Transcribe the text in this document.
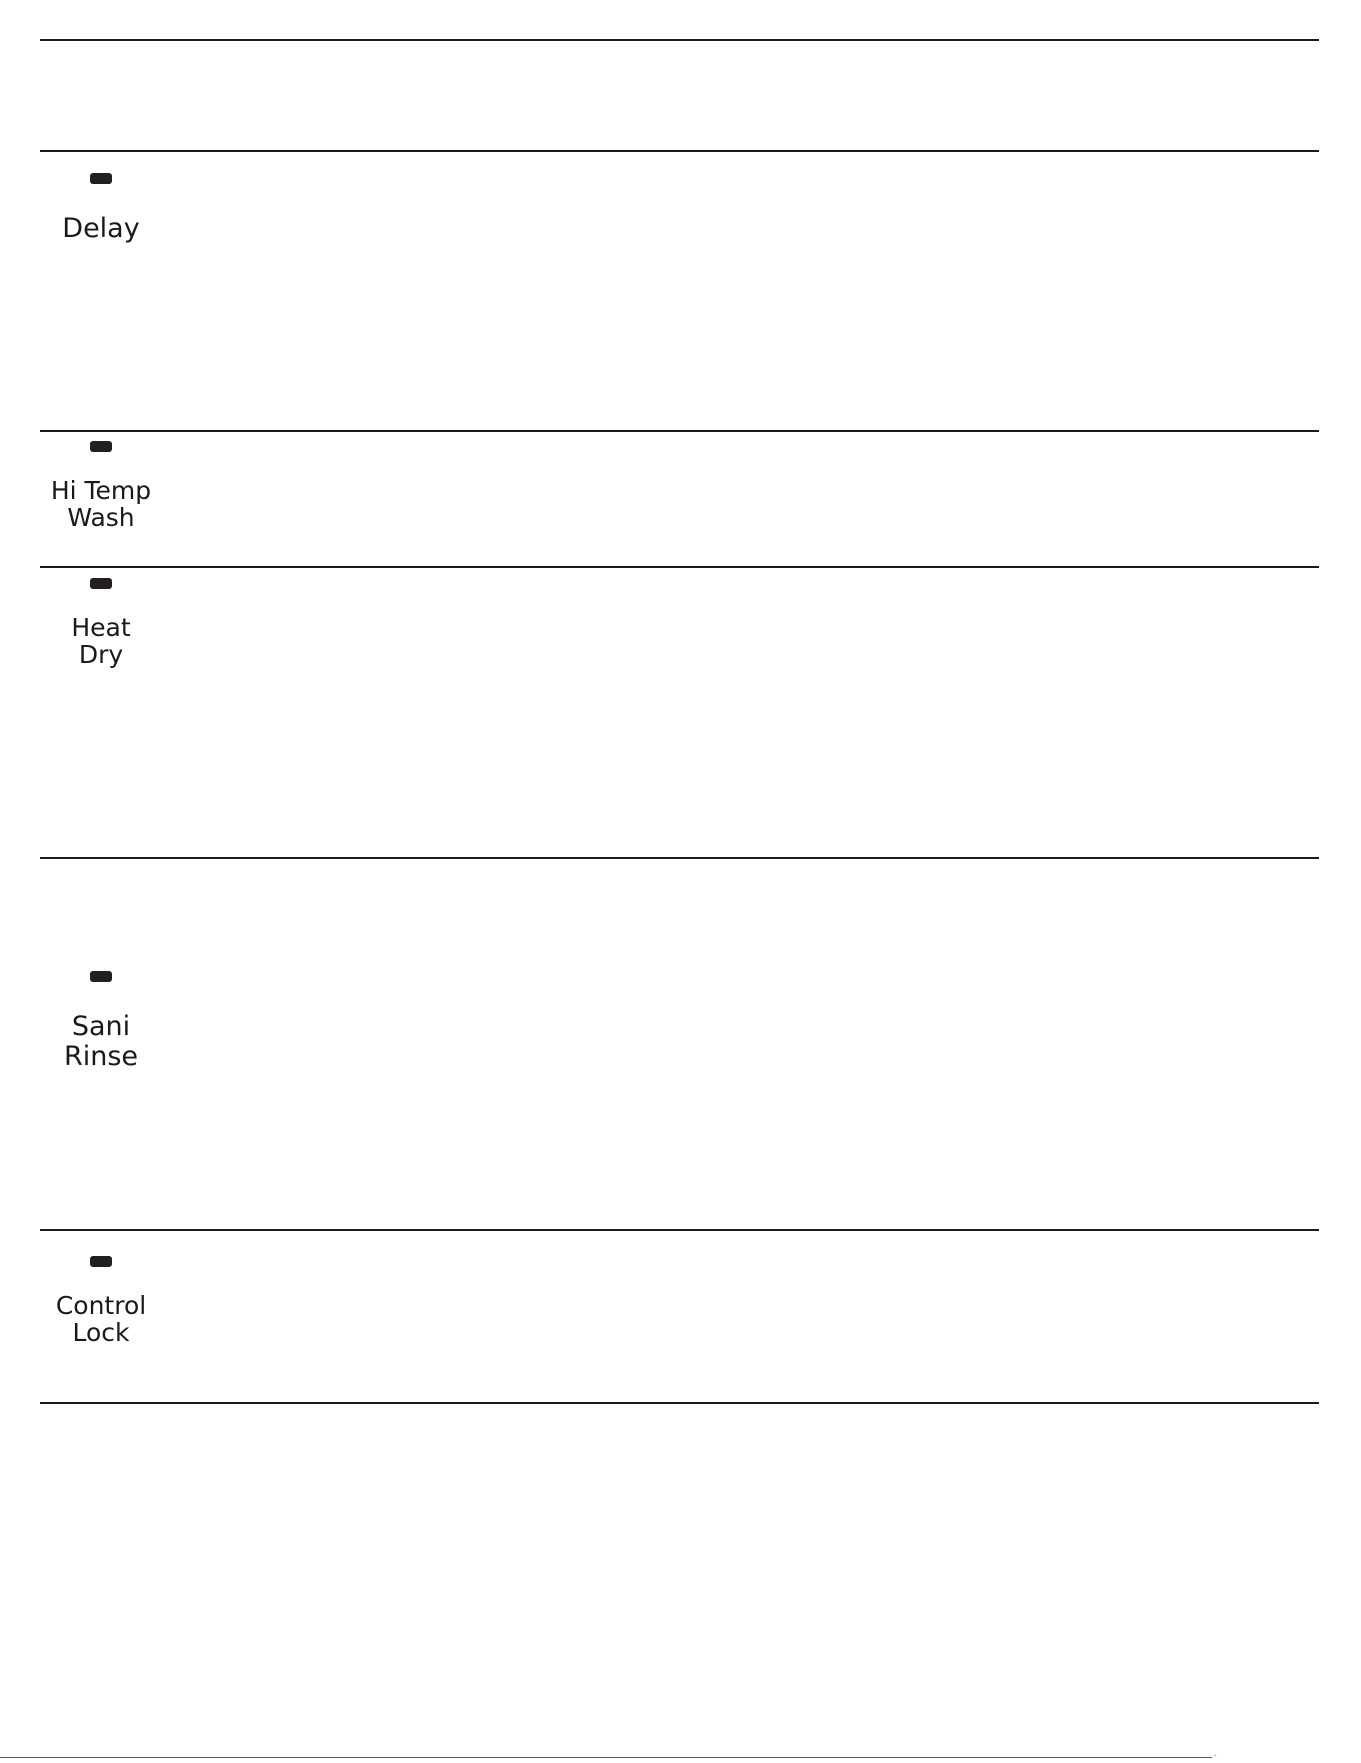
´
Delay
Hi Temp
Wash
Heat
Dry
Sani
Rinse
Control
Lock
